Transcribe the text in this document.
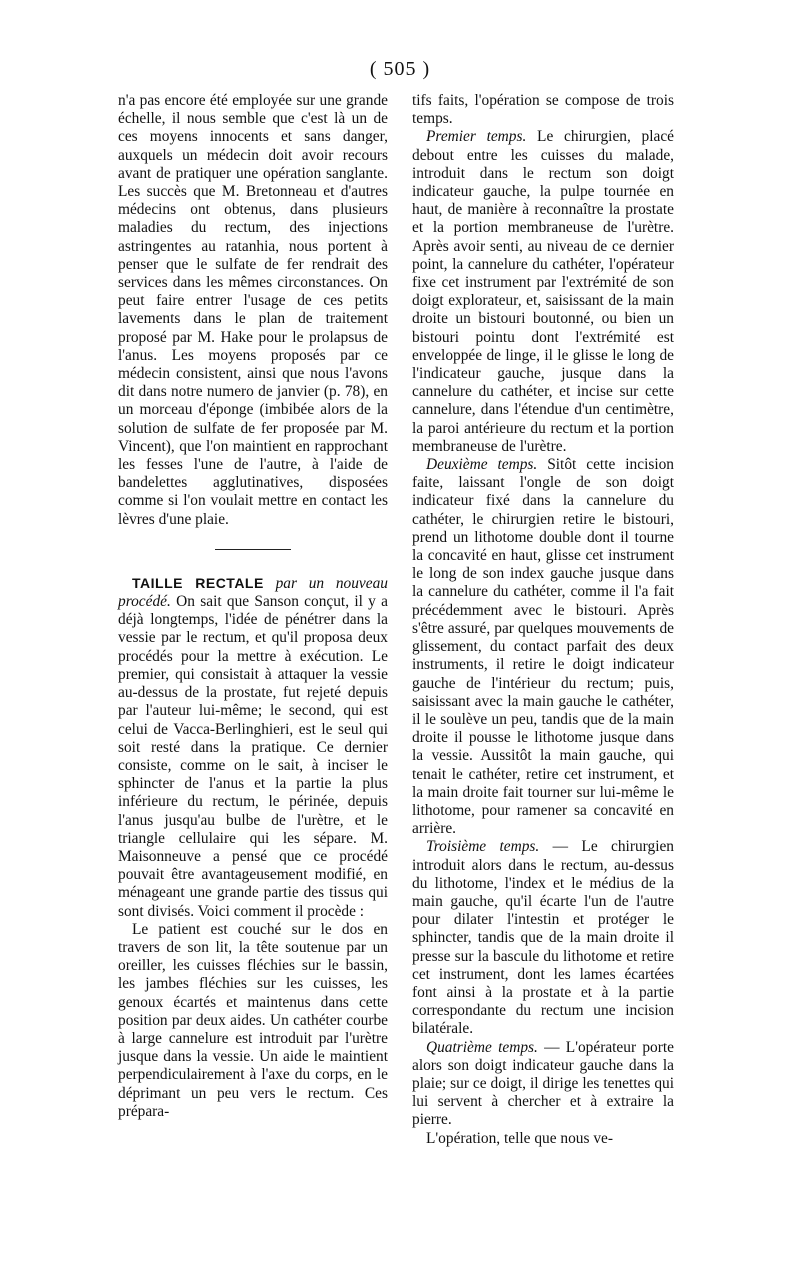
( 505 )

n'a pas encore été employée sur une grande échelle, il nous semble que c'est là un de ces moyens innocents et sans danger, auxquels un médecin doit avoir recours avant de pratiquer une opération sanglante. Les succès que M. Bretonneau et d'autres médecins ont obtenus, dans plusieurs maladies du rectum, des injections astringentes au ratanhia, nous portent à penser que le sulfate de fer rendrait des services dans les mêmes circonstances. On peut faire entrer l'usage de ces petits lavements dans le plan de traitement proposé par M. Hake pour le prolapsus de l'anus. Les moyens proposés par ce médecin consistent, ainsi que nous l'avons dit dans notre numero de janvier (p. 78), en un morceau d'éponge (imbibée alors de la solution de sulfate de fer proposée par M. Vincent), que l'on maintient en rapprochant les fesses l'une de l'autre, à l'aide de bandelettes agglutinatives, disposées comme si l'on voulait mettre en contact les lèvres d'une plaie.

TAILLE RECTALE par un nouveau procédé. On sait que Sanson conçut, il y a déjà longtemps, l'idée de pénétrer dans la vessie par le rectum, et qu'il proposa deux procédés pour la mettre à exécution. Le premier, qui consistait à attaquer la vessie au-dessus de la prostate, fut rejeté depuis par l'auteur lui-même; le second, qui est celui de Vacca-Berlinghieri, est le seul qui soit resté dans la pratique. Ce dernier consiste, comme on le sait, à inciser le sphincter de l'anus et la partie la plus inférieure du rectum, le périnée, depuis l'anus jusqu'au bulbe de l'urètre, et le triangle cellulaire qui les sépare. M. Maisonneuve a pensé que ce procédé pouvait être avantageusement modifié, en ménageant une grande partie des tissus qui sont divisés. Voici comment il procède :

Le patient est couché sur le dos en travers de son lit, la tête soutenue par un oreiller, les cuisses fléchies sur le bassin, les jambes fléchies sur les cuisses, les genoux écartés et maintenus dans cette position par deux aides. Un cathéter courbe à large cannelure est introduit par l'urètre jusque dans la vessie. Un aide le maintient perpendiculairement à l'axe du corps, en le déprimant un peu vers le rectum. Ces prépara-

tifs faits, l'opération se compose de trois temps.

Premier temps. Le chirurgien, placé debout entre les cuisses du malade, introduit dans le rectum son doigt indicateur gauche, la pulpe tournée en haut, de manière à reconnaître la prostate et la portion membraneuse de l'urètre. Après avoir senti, au niveau de ce dernier point, la cannelure du cathéter, l'opérateur fixe cet instrument par l'extrémité de son doigt explorateur, et, saisissant de la main droite un bistouri boutonné, ou bien un bistouri pointu dont l'extrémité est enveloppée de linge, il le glisse le long de l'indicateur gauche, jusque dans la cannelure du cathéter, et incise sur cette cannelure, dans l'étendue d'un centimètre, la paroi antérieure du rectum et la portion membraneuse de l'urètre.

Deuxième temps. Sitôt cette incision faite, laissant l'ongle de son doigt indicateur fixé dans la cannelure du cathéter, le chirurgien retire le bistouri, prend un lithotome double dont il tourne la concavité en haut, glisse cet instrument le long de son index gauche jusque dans la cannelure du cathéter, comme il l'a fait précédemment avec le bistouri. Après s'être assuré, par quelques mouvements de glissement, du contact parfait des deux instruments, il retire le doigt indicateur gauche de l'intérieur du rectum; puis, saisissant avec la main gauche le cathéter, il le soulève un peu, tandis que de la main droite il pousse le lithotome jusque dans la vessie. Aussitôt la main gauche, qui tenait le cathéter, retire cet instrument, et la main droite fait tourner sur lui-même le lithotome, pour ramener sa concavité en arrière.

Troisième temps. — Le chirurgien introduit alors dans le rectum, au-dessus du lithotome, l'index et le médius de la main gauche, qu'il écarte l'un de l'autre pour dilater l'intestin et protéger le sphincter, tandis que de la main droite il presse sur la bascule du lithotome et retire cet instrument, dont les lames écartées font ainsi à la prostate et à la partie correspondante du rectum une incision bilatérale.

Quatrième temps. — L'opérateur porte alors son doigt indicateur gauche dans la plaie; sur ce doigt, il dirige les tenettes qui lui servent à chercher et à extraire la pierre.

L'opération, telle que nous ve-
